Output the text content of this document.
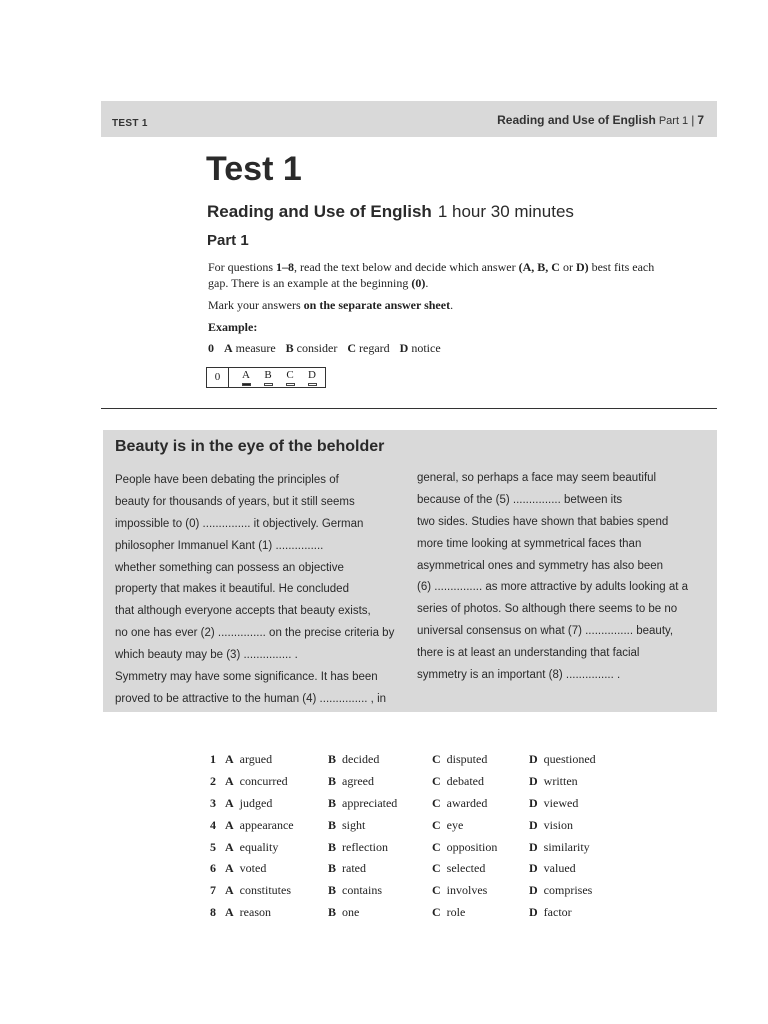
TEST 1	Reading and Use of English Part 1 | 7
Test 1
Reading and Use of English 1 hour 30 minutes
Part 1
For questions 1–8, read the text below and decide which answer (A, B, C or D) best fits each
gap. There is an example at the beginning (0).
Mark your answers on the separate answer sheet.
Example:
0 A measure B consider C regard D notice
0	A B C D
Beauty is in the eye of the beholder
People have been debating the principles of
beauty for thousands of years, but it still seems
impossible to (0) ............... it objectively. German
philosopher Immanuel Kant (1) ...............
whether something can possess an objective
property that makes it beautiful. He concluded
that although everyone accepts that beauty exists,
no one has ever (2) ............... on the precise criteria by
which beauty may be (3) ............... .
Symmetry may have some significance. It has been
proved to be attractive to the human (4) ............... , in
general, so perhaps a face may seem beautiful
because of the (5) ............... between its
two sides. Studies have shown that babies spend
more time looking at symmetrical faces than
asymmetrical ones and symmetry has also been
(6) ............... as more attractive by adults looking at a
series of photos. So although there seems to be no
universal consensus on what (7) ............... beauty,
there is at least an understanding that facial
symmetry is an important (8) ............... .
1 A argued	B decided	C disputed	D questioned
2 A concurred	B agreed	C debated	D written
3 A judged	B appreciated	C awarded	D viewed
4 A appearance	B sight	C eye	D vision
5 A equality	B reflection	C opposition	D similarity
6 A voted	B rated	C selected	D valued
7 A constitutes	B contains	C involves	D comprises
8 A reason	B one	C role	D factor
